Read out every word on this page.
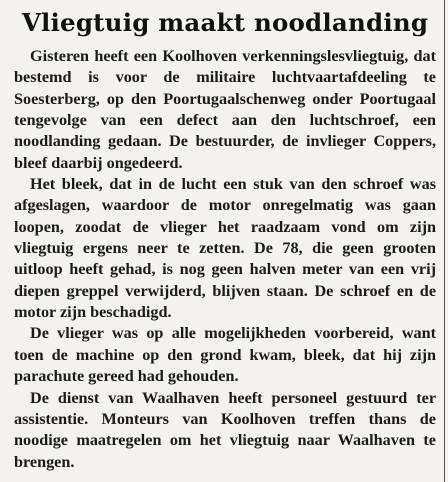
Vliegtuig maakt noodlanding

Gisteren heeft een Koolhoven verkenningslesvliegtuig, dat bestemd is voor de militaire luchtvaartafdeeling te Soesterberg, op den Poortugaalschenweg onder Poortugaal tengevolge van een defect aan den luchtschroef, een noodlanding gedaan. De bestuurder, de invlieger Coppers, bleef daarbij ongedeerd.

Het bleek, dat in de lucht een stuk van den schroef was afgeslagen, waardoor de motor onregelmatig was gaan loopen, zoodat de vlieger het raadzaam vond om zijn vliegtuig ergens neer te zetten. De 78, die geen grooten uitloop heeft gehad, is nog geen halven meter van een vrij diepen greppel verwijderd, blijven staan. De schroef en de motor zijn beschadigd.

De vlieger was op alle mogelijkheden voorbereid, want toen de machine op den grond kwam, bleek, dat hij zijn parachute gereed had gehouden.

De dienst van Waalhaven heeft personeel gestuurd ter assistentie. Monteurs van Koolhoven treffen thans de noodige maatregelen om het vliegtuig naar Waalhaven te brengen.
